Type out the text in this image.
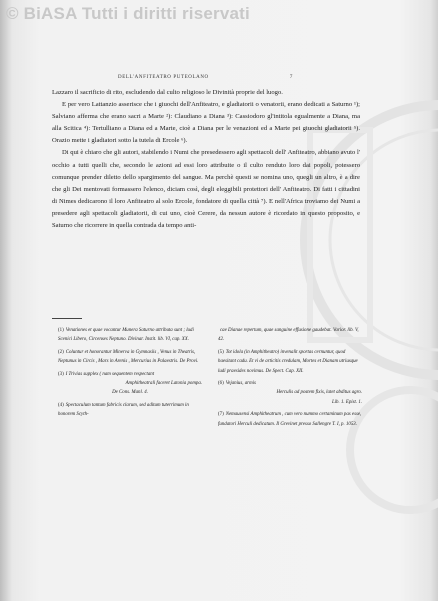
© BiASA Tutti i diritti riservati
DELL'ANFITEATRO PUTEOLANO	7

Lazzaro il sacrificio di rito, escludendo dal culto religioso le Divinità proprie del luogo.

E per vero Lattanzio asserisce che i giuochi dell'Anfiteatro, e gladiatorii o venatorii, erano dedicati a Saturno ¹); Salviano afferma che erano sacri a Marte ²): Claudiano a Diana ³): Cassiodoro gl'intitola egualmente a Diana, ma alla Scitica ⁴): Tertulliano a Diana ed a Marte, cioè a Diana per le venazioni ed a Marte pei giuochi gladiatorii ⁵). Orazio mette i gladiatori sotto la tutela di Ercole ⁶).

Di qui è chiaro che gli autori, stabilendo i Numi che presedessero agli spettacoli dell' Anfiteatro, abbiano avuto l' occhio a tutti quelli che, secondo le azioni ad essi loro attribuite o il culto renduto loro dai popoli, potessero comunque prender diletto dello spargimento del sangue. Ma perchè questi se nomina uno, quegli un altro, è a dire che gli Dei mentovati formassero l'elenco, diciam così, degli eleggibili protettori dell' Anfiteatro. Di fatti i cittadini di Nimes dedicarono il loro Anfiteatro al solo Ercole, fondatore di quella città ⁷). E nell'Africa troviamo dei Numi a presedere agli spettacoli gladiatorii, di cui uno, cioè Cerere, da nessun autore è ricordato in questo proposito, e Saturno che ricorrere in quella contrada da tempo anti-

(1) Venationes et quae vocantur Munera Saturno attributa sunt ; ludi Scenici Libero, Circenses Neptuno. Divinar. Instit. lib. VI, cap. XX.
(2) Coluntur et honorantur Minerva in Gymnasiis , Venus in Theatris, Neptunus in Circis , Mars in Arenis , Mercurius in Palaestris. De Provi.
(3) I Trivias supplex ( nam sequentem respectant

Amphitheatrali faceret Latonia pompa.

De Cons. Manl. 4.

(4) Spectaculum tantum fabricis clarum, sed aditum tuterrimum in honorem Scyth-
cae Dianae repertum, quae sanguine effusione gaudebat. Varior. lib. V, 42.
(5) Tot idola (in Amphitheatro) invenalit sportas cernuntur, quod haesitant cadu. Et vi de articitis credulam, Mortes et Dianam utriusque ludi praesides novimus. De Spect. Cap. XII.
(6) Vejanius, armis

Herculis ad postem fixis, latet abditus agro.

Lib. 1. Epist. 1.

(7) Nemausensi Amphitheatrum , cum vero nummo certaminum pas esse, fundatori Herculi dedicatum. Il Grevinet presso Sallengre T. I, p. 1053.
